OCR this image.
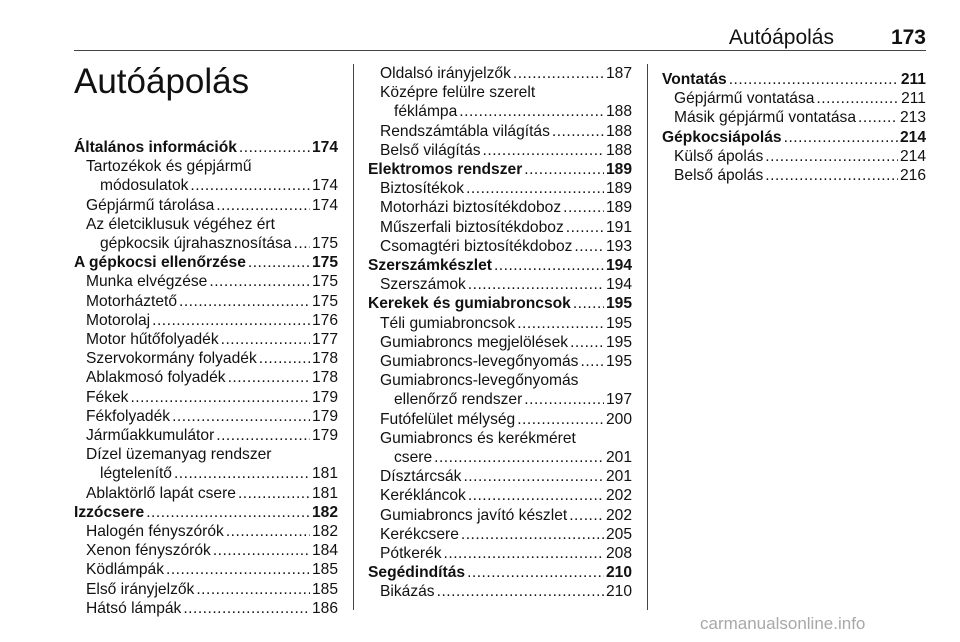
Autóápolás	173
Autóápolás
Általános információk .....	174
Tartozékok és gépjármű
módosulatok .....	174
Gépjármű tárolása .....	174
Az életciklusuk végéhez ért
gépkocsik újrahasznosítása ..... 175
A gépkocsi ellenőrzése .....	175
Munka elvégzése .....	175
Motorháztető .....	175
Motorolaj .....	176
Motor hűtőfolyadék .....	177
Szervokormány folyadék .....	178
Ablakmosó folyadék .....	178
Fékek .....	179
Fékfolyadék .....	179
Járműakkumulátor .....	179
Dízel üzemanyag rendszer
légtelenítő .....	181
Ablaktörlő lapát csere .....	181
Izzócsere .....	182
Halogén fényszórók .....	182
Xenon fényszórók .....	184
Ködlámpák .....	185
Első irányjelzők .....	185
Hátsó lámpák .....	186
Oldalsó irányjelzők .....	187
Középre felülre szerelt
féklámpa .....	188
Rendszámtábla világítás .....	188
Belső világítás .....	188
Elektromos rendszer .....	189
Biztosítékok .....	189
Motorházi biztosítékdoboz .....	189
Műszerfali biztosítékdoboz .....	191
Csomagtéri biztosítékdoboz ..... 193
Szerszámkészlet .....	194
Szerszámok .....	194
Kerekek és gumiabroncsok ..... 195
Téli gumiabroncsok .....	195
Gumiabroncs megjelölések ..... 195
Gumiabroncs-levegőnyomás ..... 195
Gumiabroncs-levegőnyomás
ellenőrző rendszer .....	197
Futófelület mélység .....	200
Gumiabroncs és kerékméret
csere .....	201
Dísztárcsák .....	201
Kerékláncok .....	202
Gumiabroncs javító készlet ..... 202
Kerékcsere .....	205
Pótkerék .....	208
Segédindítás .....	210
Bikázás .....	210
Vontatás .....	211
Gépjármű vontatása .....	211
Másik gépjármű vontatása .....	213
Gépkocsiápolás .....	214
Külső ápolás .....	214
Belső ápolás .....	216
carmanualsonline.info
